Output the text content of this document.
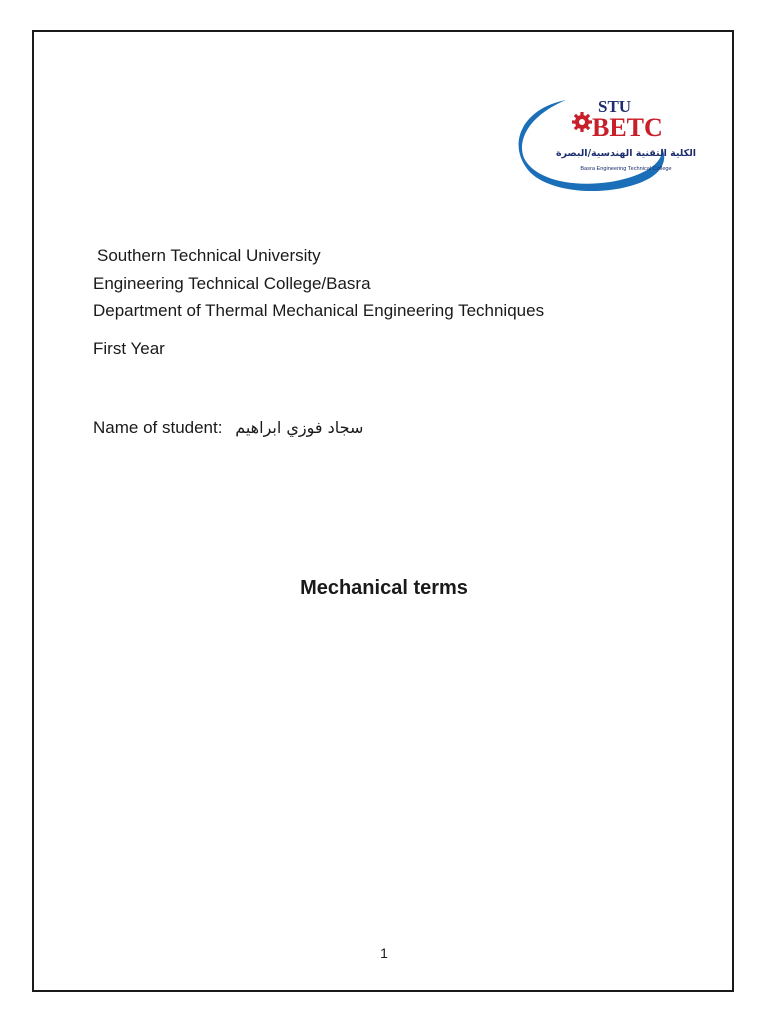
STU
BETC
الكلية التقنية الهندسية/البصرة
Basra Engineering Technical College
Southern Technical University
Engineering Technical College/Basra
Department of Thermal Mechanical Engineering Techniques
First Year
Name of student: سجاد فوزي ابراهيم
Mechanical terms
1
